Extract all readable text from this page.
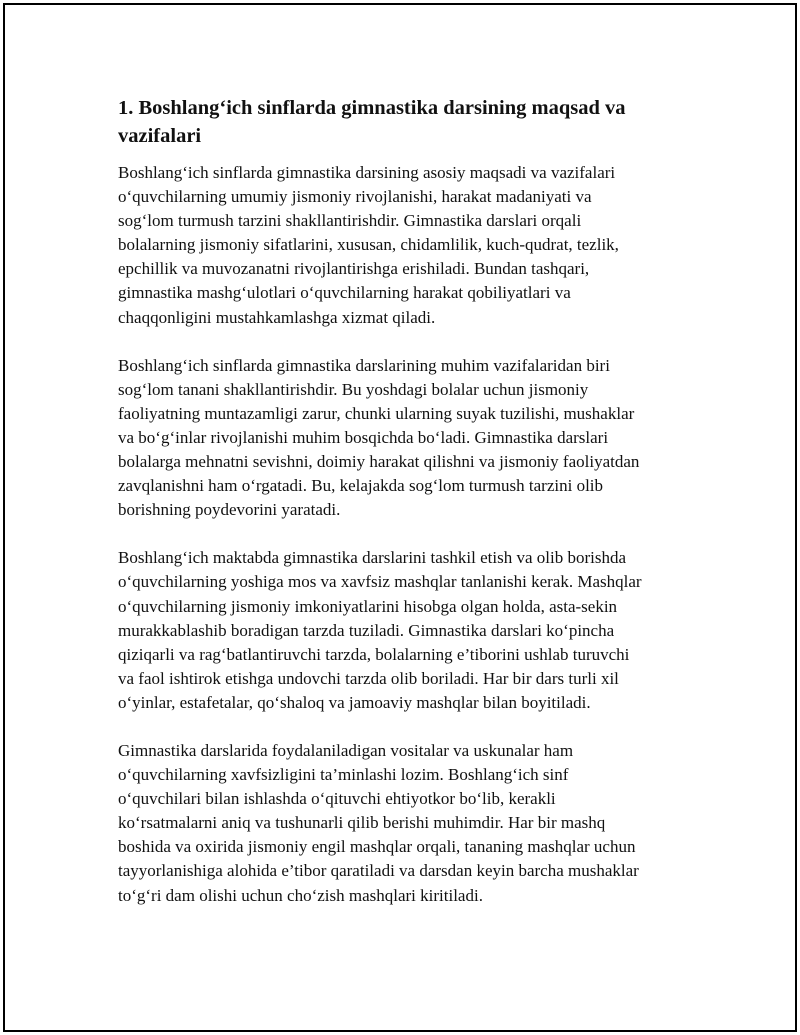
1. Boshlang‘ich sinflarda gimnastika darsining maqsad va
vazifalari

Boshlang‘ich sinflarda gimnastika darsining asosiy maqsadi va vazifalari
o‘quvchilarning umumiy jismoniy rivojlanishi, harakat madaniyati va
sog‘lom turmush tarzini shakllantirishdir. Gimnastika darslari orqali
bolalarning jismoniy sifatlarini, xususan, chidamlilik, kuch-qudrat, tezlik,
epchillik va muvozanatni rivojlantirishga erishiladi. Bundan tashqari,
gimnastika mashg‘ulotlari o‘quvchilarning harakat qobiliyatlari va
chaqqonligini mustahkamlashga xizmat qiladi.

Boshlang‘ich sinflarda gimnastika darslarining muhim vazifalaridan biri
sog‘lom tanani shakllantirishdir. Bu yoshdagi bolalar uchun jismoniy
faoliyatning muntazamligi zarur, chunki ularning suyak tuzilishi, mushaklar
va bo‘g‘inlar rivojlanishi muhim bosqichda bo‘ladi. Gimnastika darslari
bolalarga mehnatni sevishni, doimiy harakat qilishni va jismoniy faoliyatdan
zavqlanishni ham o‘rgatadi. Bu, kelajakda sog‘lom turmush tarzini olib
borishning poydevorini yaratadi.

Boshlang‘ich maktabda gimnastika darslarini tashkil etish va olib borishda
o‘quvchilarning yoshiga mos va xavfsiz mashqlar tanlanishi kerak. Mashqlar
o‘quvchilarning jismoniy imkoniyatlarini hisobga olgan holda, asta-sekin
murakkablashib boradigan tarzda tuziladi. Gimnastika darslari ko‘pincha
qiziqarli va rag‘batlantiruvchi tarzda, bolalarning e’tiborini ushlab turuvchi
va faol ishtirok etishga undovchi tarzda olib boriladi. Har bir dars turli xil
o‘yinlar, estafetalar, qo‘shaloq va jamoaviy mashqlar bilan boyitiladi.

Gimnastika darslarida foydalaniladigan vositalar va uskunalar ham
o‘quvchilarning xavfsizligini ta’minlashi lozim. Boshlang‘ich sinf
o‘quvchilari bilan ishlashda o‘qituvchi ehtiyotkor bo‘lib, kerakli
ko‘rsatmalarni aniq va tushunarli qilib berishi muhimdir. Har bir mashq
boshida va oxirida jismoniy engil mashqlar orqali, tananing mashqlar uchun
tayyorlanishiga alohida e’tibor qaratiladi va darsdan keyin barcha mushaklar
to‘g‘ri dam olishi uchun cho‘zish mashqlari kiritiladi.
